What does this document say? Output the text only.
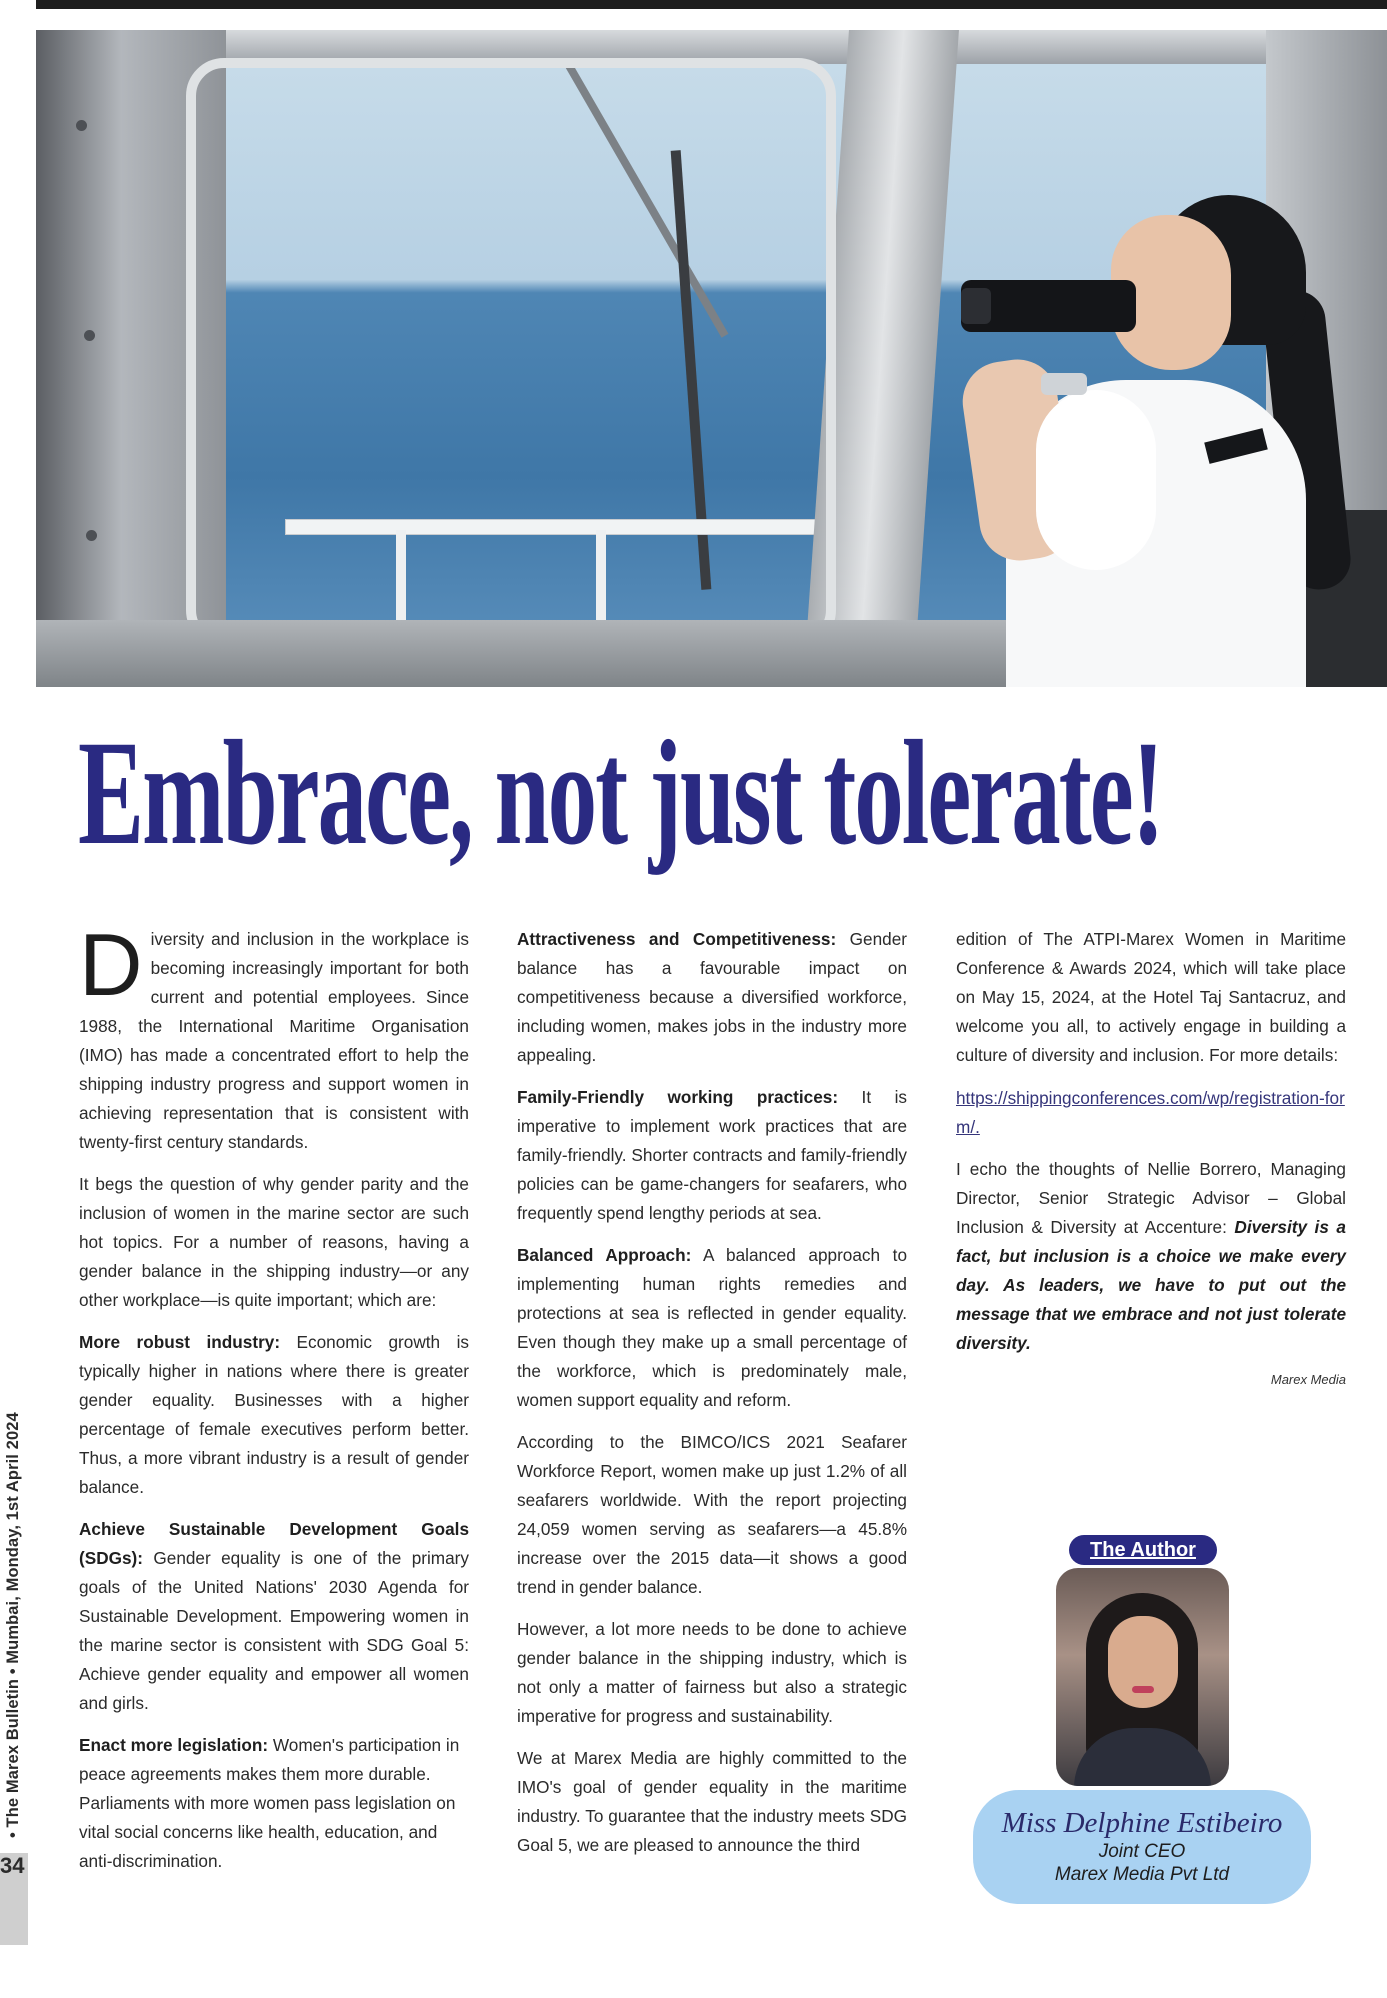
Embrace, not just tolerate!

Diversity and inclusion in the workplace is becoming increasingly important for both current and potential employees. Since 1988, the International Maritime Organisation (IMO) has made a concentrated effort to help the shipping industry progress and support women in achieving representation that is consistent with twenty-first century standards.

It begs the question of why gender parity and the inclusion of women in the marine sector are such hot topics. For a number of reasons, having a gender balance in the shipping industry—or any other workplace—is quite important; which are:

More robust industry: Economic growth is typically higher in nations where there is greater gender equality. Businesses with a higher percentage of female executives perform better. Thus, a more vibrant industry is a result of gender balance.

Achieve Sustainable Development Goals (SDGs): Gender equality is one of the primary goals of the United Nations' 2030 Agenda for Sustainable Development. Empowering women in the marine sector is consistent with SDG Goal 5: Achieve gender equality and empower all women and girls.

Enact more legislation: Women's participation in peace agreements makes them more durable. Parliaments with more women pass legislation on vital social concerns like health, education, and anti-discrimination.

Attractiveness and Competitiveness: Gender balance has a favourable impact on competitiveness because a diversified workforce, including women, makes jobs in the industry more appealing.

Family-Friendly working practices: It is imperative to implement work practices that are family-friendly. Shorter contracts and family-friendly policies can be game-changers for seafarers, who frequently spend lengthy periods at sea.

Balanced Approach: A balanced approach to implementing human rights remedies and protections at sea is reflected in gender equality. Even though they make up a small percentage of the workforce, which is predominately male, women support equality and reform.

According to the BIMCO/ICS 2021 Seafarer Workforce Report, women make up just 1.2% of all seafarers worldwide. With the report projecting 24,059 women serving as seafarers—a 45.8% increase over the 2015 data—it shows a good trend in gender balance.

However, a lot more needs to be done to achieve gender balance in the shipping industry, which is not only a matter of fairness but also a strategic imperative for progress and sustainability.

We at Marex Media are highly committed to the IMO's goal of gender equality in the maritime industry. To guarantee that the industry meets SDG Goal 5, we are pleased to announce the third

edition of The ATPI-Marex Women in Maritime Conference & Awards 2024, which will take place on May 15, 2024, at the Hotel Taj Santacruz, and welcome you all, to actively engage in building a culture of diversity and inclusion. For more details:

https://shippingconferences.com/wp/registration-form/.

I echo the thoughts of Nellie Borrero, Managing Director, Senior Strategic Advisor – Global Inclusion & Diversity at Accenture: Diversity is a fact, but inclusion is a choice we make every day. As leaders, we have to put out the message that we embrace and not just tolerate diversity.

Marex Media
The Author
Miss Delphine Estibeiro
Joint CEO
Marex Media Pvt Ltd
• The Marex Bulletin • Mumbai, Monday, 1st April 2024
34
